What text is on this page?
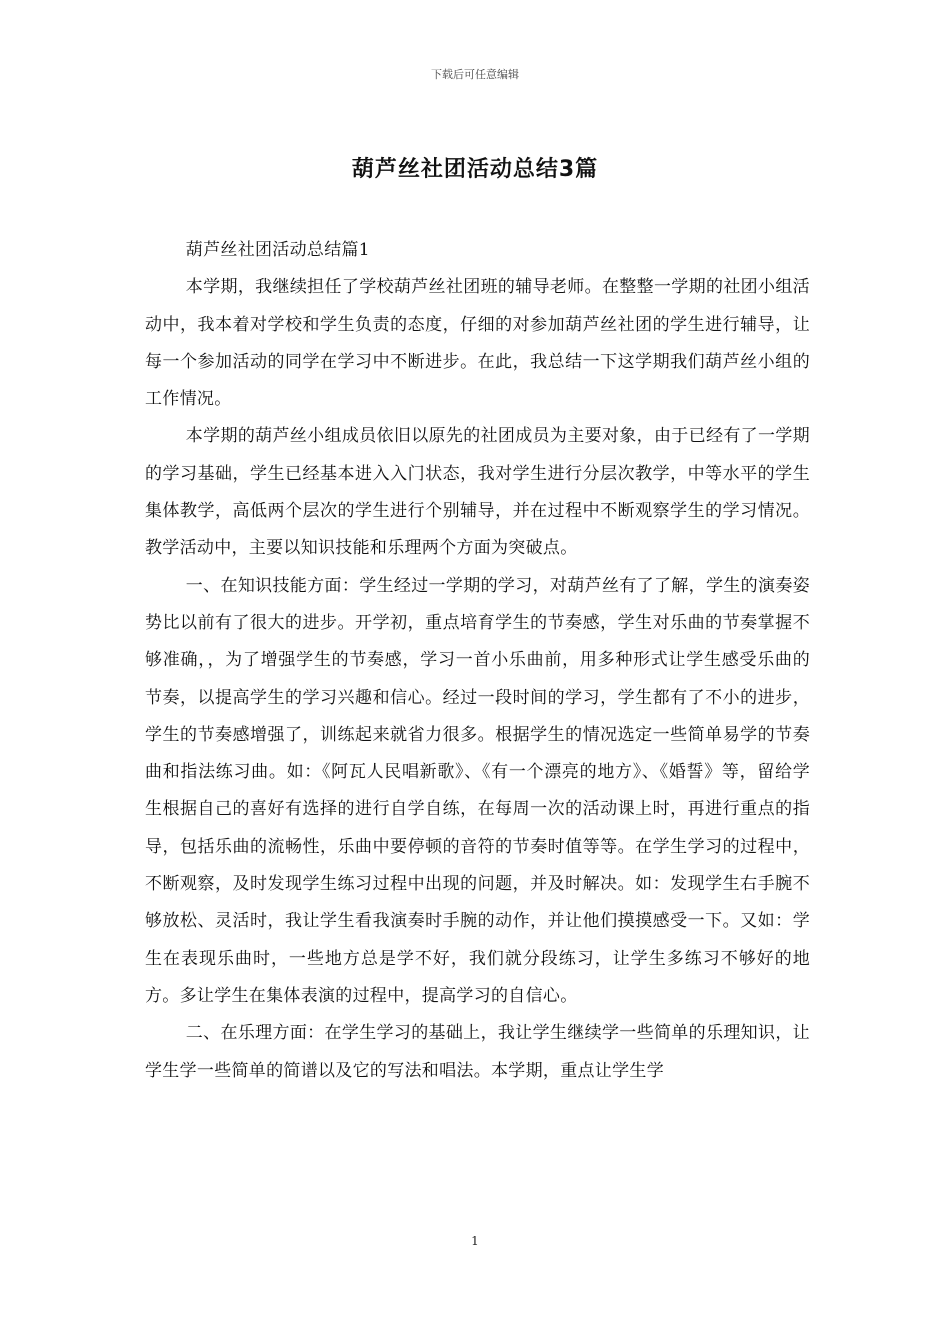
下载后可任意编辑
葫芦丝社团活动总结3篇

葫芦丝社团活动总结篇1

本学期，我继续担任了学校葫芦丝社团班的辅导老师。在整整一学期的社团小组活动中，我本着对学校和学生负责的态度，仔细的对参加葫芦丝社团的学生进行辅导，让每一个参加活动的同学在学习中不断进步。在此，我总结一下这学期我们葫芦丝小组的工作情况。

本学期的葫芦丝小组成员依旧以原先的社团成员为主要对象，由于已经有了一学期的学习基础，学生已经基本进入入门状态，我对学生进行分层次教学，中等水平的学生集体教学，高低两个层次的学生进行个别辅导，并在过程中不断观察学生的学习情况。教学活动中，主要以知识技能和乐理两个方面为突破点。

一、在知识技能方面：学生经过一学期的学习，对葫芦丝有了了解，学生的演奏姿势比以前有了很大的进步。开学初，重点培育学生的节奏感，学生对乐曲的节奏掌握不够准确，，为了增强学生的节奏感，学习一首小乐曲前，用多种形式让学生感受乐曲的节奏，以提高学生的学习兴趣和信心。经过一段时间的学习，学生都有了不小的进步，学生的节奏感增强了，训练起来就省力很多。根据学生的情况选定一些简单易学的节奏曲和指法练习曲。如：《阿瓦人民唱新歌》、《有一个漂亮的地方》、《婚誓》等，留给学生根据自己的喜好有选择的进行自学自练，在每周一次的活动课上时，再进行重点的指导，包括乐曲的流畅性，乐曲中要停顿的音符的节奏时值等等。在学生学习的过程中，不断观察，及时发现学生练习过程中出现的问题，并及时解决。如：发现学生右手腕不够放松、灵活时，我让学生看我演奏时手腕的动作，并让他们摸摸感受一下。又如：学生在表现乐曲时，一些地方总是学不好，我们就分段练习，让学生多练习不够好的地方。多让学生在集体表演的过程中，提高学习的自信心。

二、在乐理方面：在学生学习的基础上，我让学生继续学一些简单的乐理知识，让学生学一些简单的简谱以及它的写法和唱法。本学期，重点让学生学

1
